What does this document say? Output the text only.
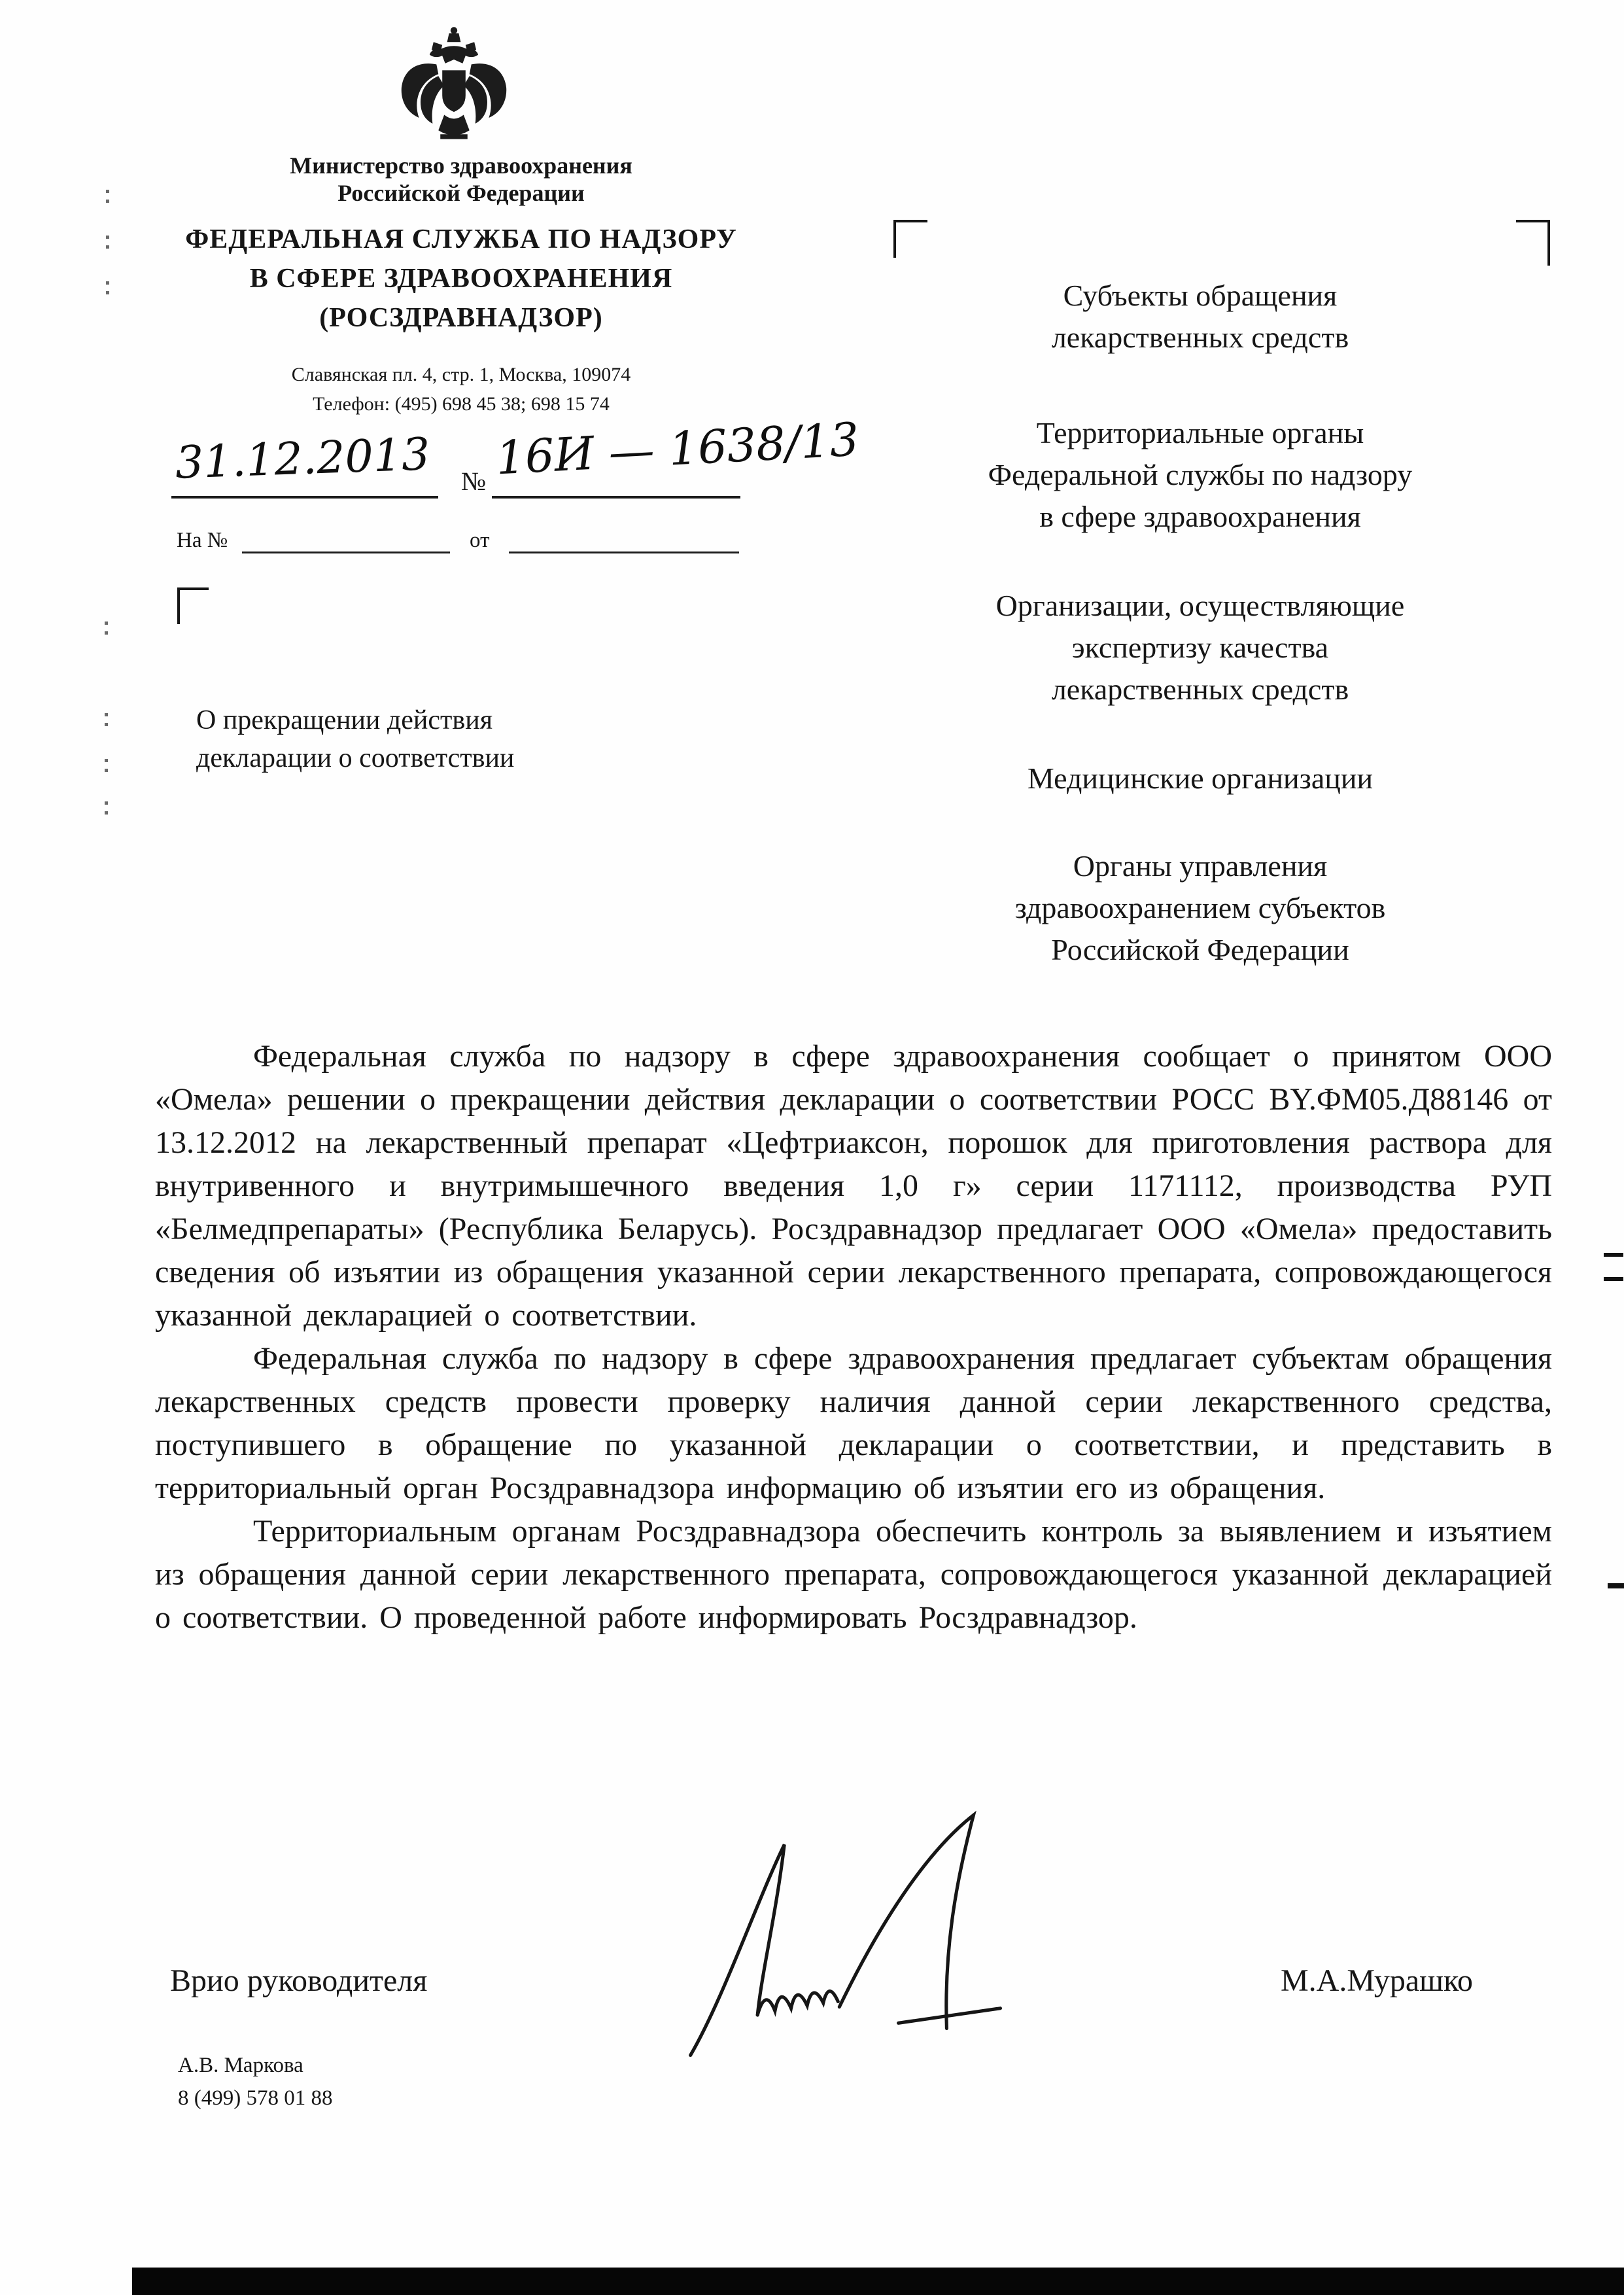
Министерство здравоохранения
Российской Федерации
ФЕДЕРАЛЬНАЯ СЛУЖБА ПО НАДЗОРУ
В СФЕРЕ ЗДРАВООХРАНЕНИЯ
(РОСЗДРАВНАДЗОР)
Славянская пл. 4, стр. 1, Москва, 109074
Телефон: (495) 698 45 38; 698 15 74
31.12.2013 № 16И — 1638/13
На №	от
О прекращении действия
декларации о соответствии
Субъекты обращения
лекарственных средств
Территориальные органы
Федеральной службы по надзору
в сфере здравоохранения
Организации, осуществляющие
экспертизу качества
лекарственных средств
Медицинские организации
Органы управления
здравоохранением субъектов
Российской Федерации

Федеральная служба по надзору в сфере здравоохранения сообщает о принятом ООО «Омела» решении о прекращении действия декларации о соответствии РОСС BY.ФМ05.Д88146 от 13.12.2012 на лекарственный препарат «Цефтриаксон, порошок для приготовления раствора для внутривенного и внутримышечного введения 1,0 г» серии 1171112, производства РУП «Белмедпрепараты» (Республика Беларусь). Росздравнадзор предлагает ООО «Омела» предоставить сведения об изъятии из обращения указанной серии лекарственного препарата, сопровождающегося указанной декларацией о соответствии.

Федеральная служба по надзору в сфере здравоохранения предлагает субъектам обращения лекарственных средств провести проверку наличия данной серии лекарственного средства, поступившего в обращение по указанной декларации о соответствии, и представить в территориальный орган Росздравнадзора информацию об изъятии его из обращения.

Территориальным органам Росздравнадзора обеспечить контроль за выявлением и изъятием из обращения данной серии лекарственного препарата, сопровождающегося указанной декларацией о соответствии. О проведенной работе информировать Росздравнадзор.

Врио руководителя	М.А.Мурашко
А.В. Маркова
8 (499) 578 01 88
